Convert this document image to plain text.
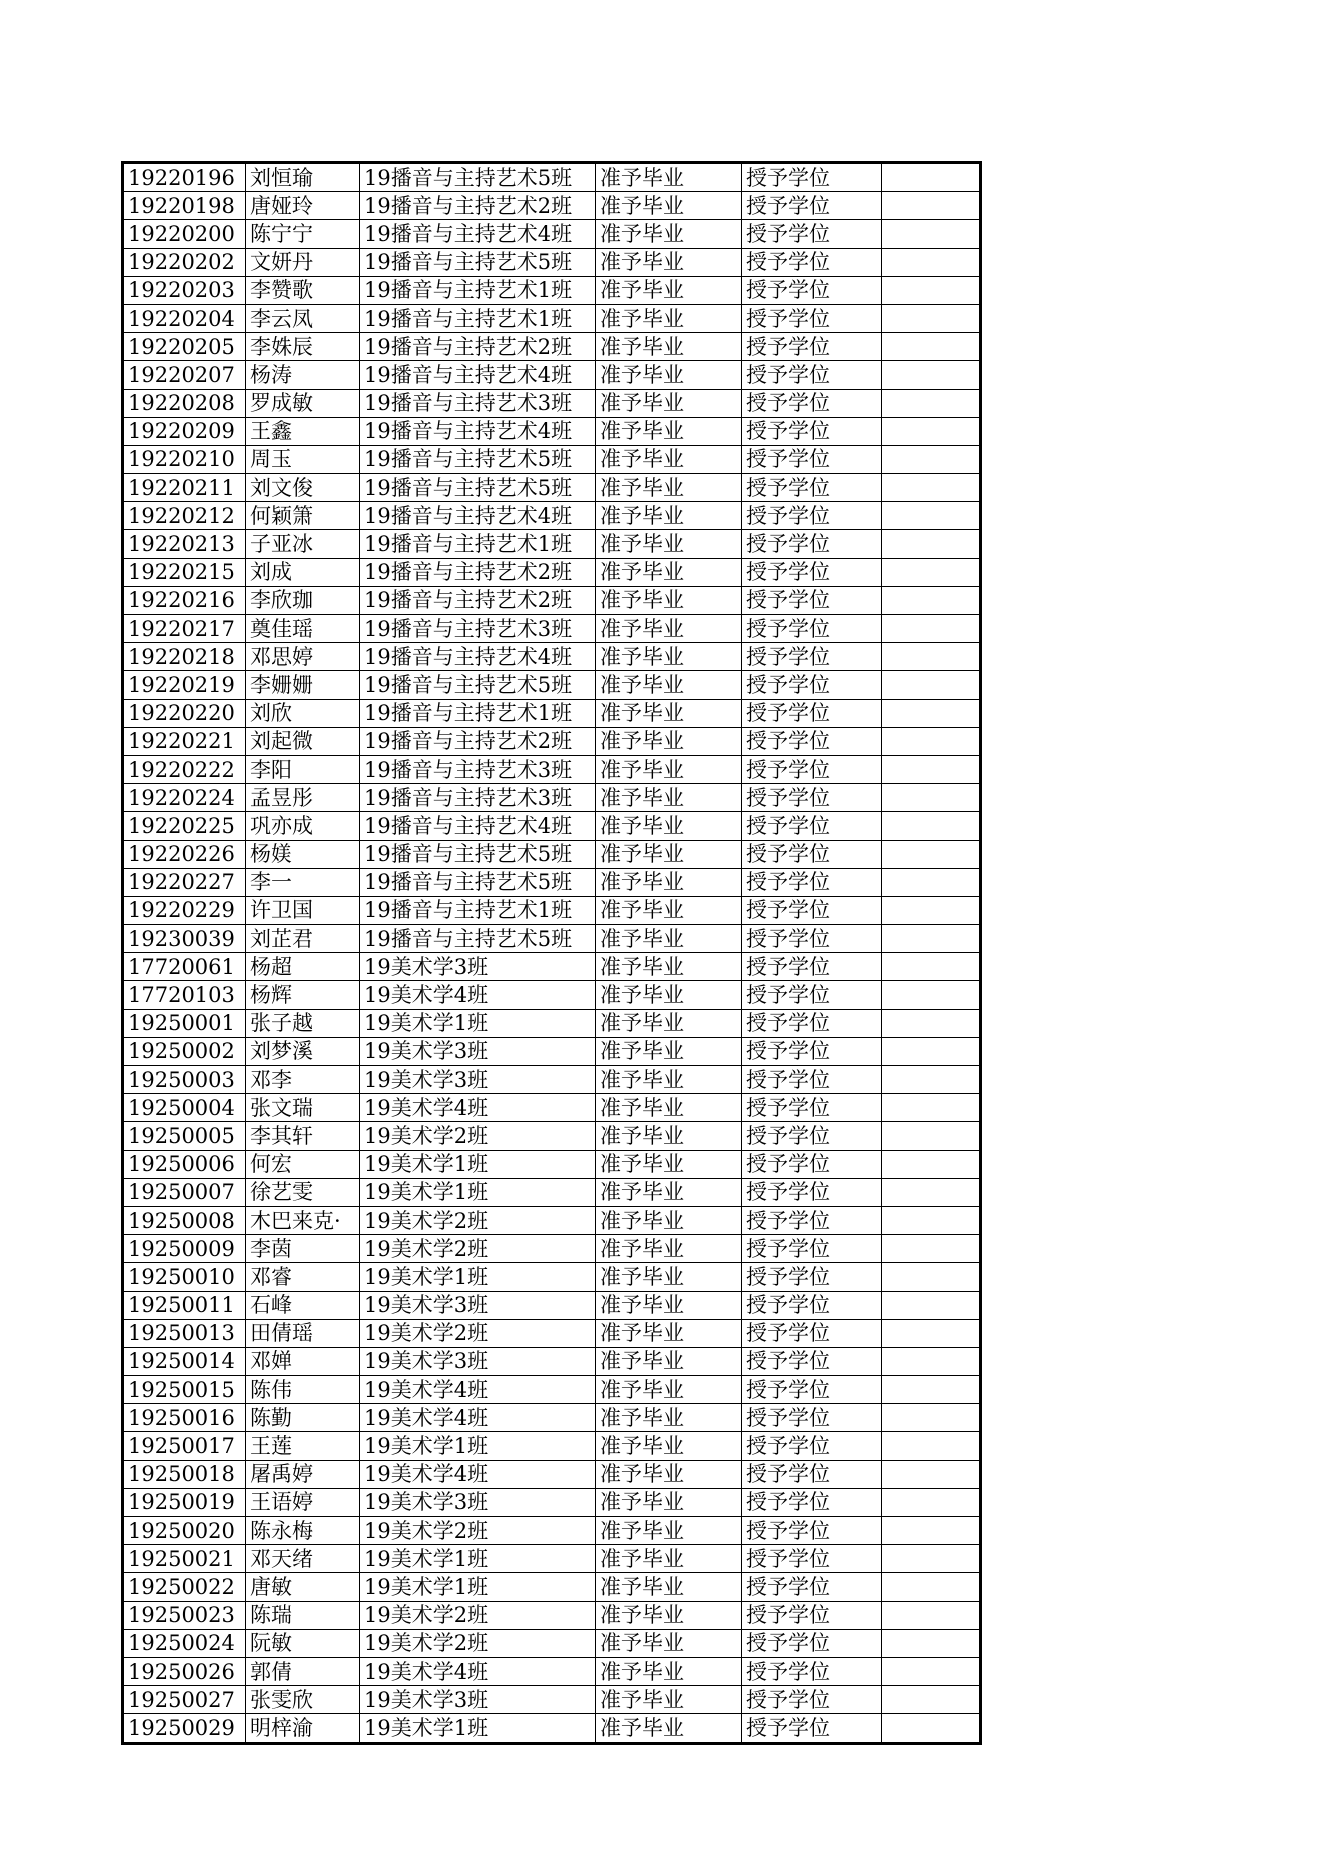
19220196	刘恒瑜	19播音与主持艺术5班	准予毕业	授予学位	
19220198	唐娅玲	19播音与主持艺术2班	准予毕业	授予学位	
19220200	陈宁宁	19播音与主持艺术4班	准予毕业	授予学位	
19220202	文妍丹	19播音与主持艺术5班	准予毕业	授予学位	
19220203	李赞歌	19播音与主持艺术1班	准予毕业	授予学位	
19220204	李云凤	19播音与主持艺术1班	准予毕业	授予学位	
19220205	李姝辰	19播音与主持艺术2班	准予毕业	授予学位	
19220207	杨涛	19播音与主持艺术4班	准予毕业	授予学位	
19220208	罗成敏	19播音与主持艺术3班	准予毕业	授予学位	
19220209	王鑫	19播音与主持艺术4班	准予毕业	授予学位	
19220210	周玉	19播音与主持艺术5班	准予毕业	授予学位	
19220211	刘文俊	19播音与主持艺术5班	准予毕业	授予学位	
19220212	何颖箫	19播音与主持艺术4班	准予毕业	授予学位	
19220213	子亚冰	19播音与主持艺术1班	准予毕业	授予学位	
19220215	刘成	19播音与主持艺术2班	准予毕业	授予学位	
19220216	李欣珈	19播音与主持艺术2班	准予毕业	授予学位	
19220217	奠佳瑶	19播音与主持艺术3班	准予毕业	授予学位	
19220218	邓思婷	19播音与主持艺术4班	准予毕业	授予学位	
19220219	李姗姗	19播音与主持艺术5班	准予毕业	授予学位	
19220220	刘欣	19播音与主持艺术1班	准予毕业	授予学位	
19220221	刘起微	19播音与主持艺术2班	准予毕业	授予学位	
19220222	李阳	19播音与主持艺术3班	准予毕业	授予学位	
19220224	孟昱彤	19播音与主持艺术3班	准予毕业	授予学位	
19220225	巩亦成	19播音与主持艺术4班	准予毕业	授予学位	
19220226	杨媄	19播音与主持艺术5班	准予毕业	授予学位	
19220227	李一	19播音与主持艺术5班	准予毕业	授予学位	
19220229	许卫国	19播音与主持艺术1班	准予毕业	授予学位	
19230039	刘芷君	19播音与主持艺术5班	准予毕业	授予学位	
17720061	杨超	19美术学3班	准予毕业	授予学位	
17720103	杨辉	19美术学4班	准予毕业	授予学位	
19250001	张子越	19美术学1班	准予毕业	授予学位	
19250002	刘梦溪	19美术学3班	准予毕业	授予学位	
19250003	邓李	19美术学3班	准予毕业	授予学位	
19250004	张文瑞	19美术学4班	准予毕业	授予学位	
19250005	李其轩	19美术学2班	准予毕业	授予学位	
19250006	何宏	19美术学1班	准予毕业	授予学位	
19250007	徐艺雯	19美术学1班	准予毕业	授予学位	
19250008	木巴来克·	19美术学2班	准予毕业	授予学位	
19250009	李茵	19美术学2班	准予毕业	授予学位	
19250010	邓睿	19美术学1班	准予毕业	授予学位	
19250011	石峰	19美术学3班	准予毕业	授予学位	
19250013	田倩瑶	19美术学2班	准予毕业	授予学位	
19250014	邓婵	19美术学3班	准予毕业	授予学位	
19250015	陈伟	19美术学4班	准予毕业	授予学位	
19250016	陈勤	19美术学4班	准予毕业	授予学位	
19250017	王莲	19美术学1班	准予毕业	授予学位	
19250018	屠禹婷	19美术学4班	准予毕业	授予学位	
19250019	王语婷	19美术学3班	准予毕业	授予学位	
19250020	陈永梅	19美术学2班	准予毕业	授予学位	
19250021	邓天绪	19美术学1班	准予毕业	授予学位	
19250022	唐敏	19美术学1班	准予毕业	授予学位	
19250023	陈瑞	19美术学2班	准予毕业	授予学位	
19250024	阮敏	19美术学2班	准予毕业	授予学位	
19250026	郭倩	19美术学4班	准予毕业	授予学位	
19250027	张雯欣	19美术学3班	准予毕业	授予学位	
19250029	明梓渝	19美术学1班	准予毕业	授予学位	
